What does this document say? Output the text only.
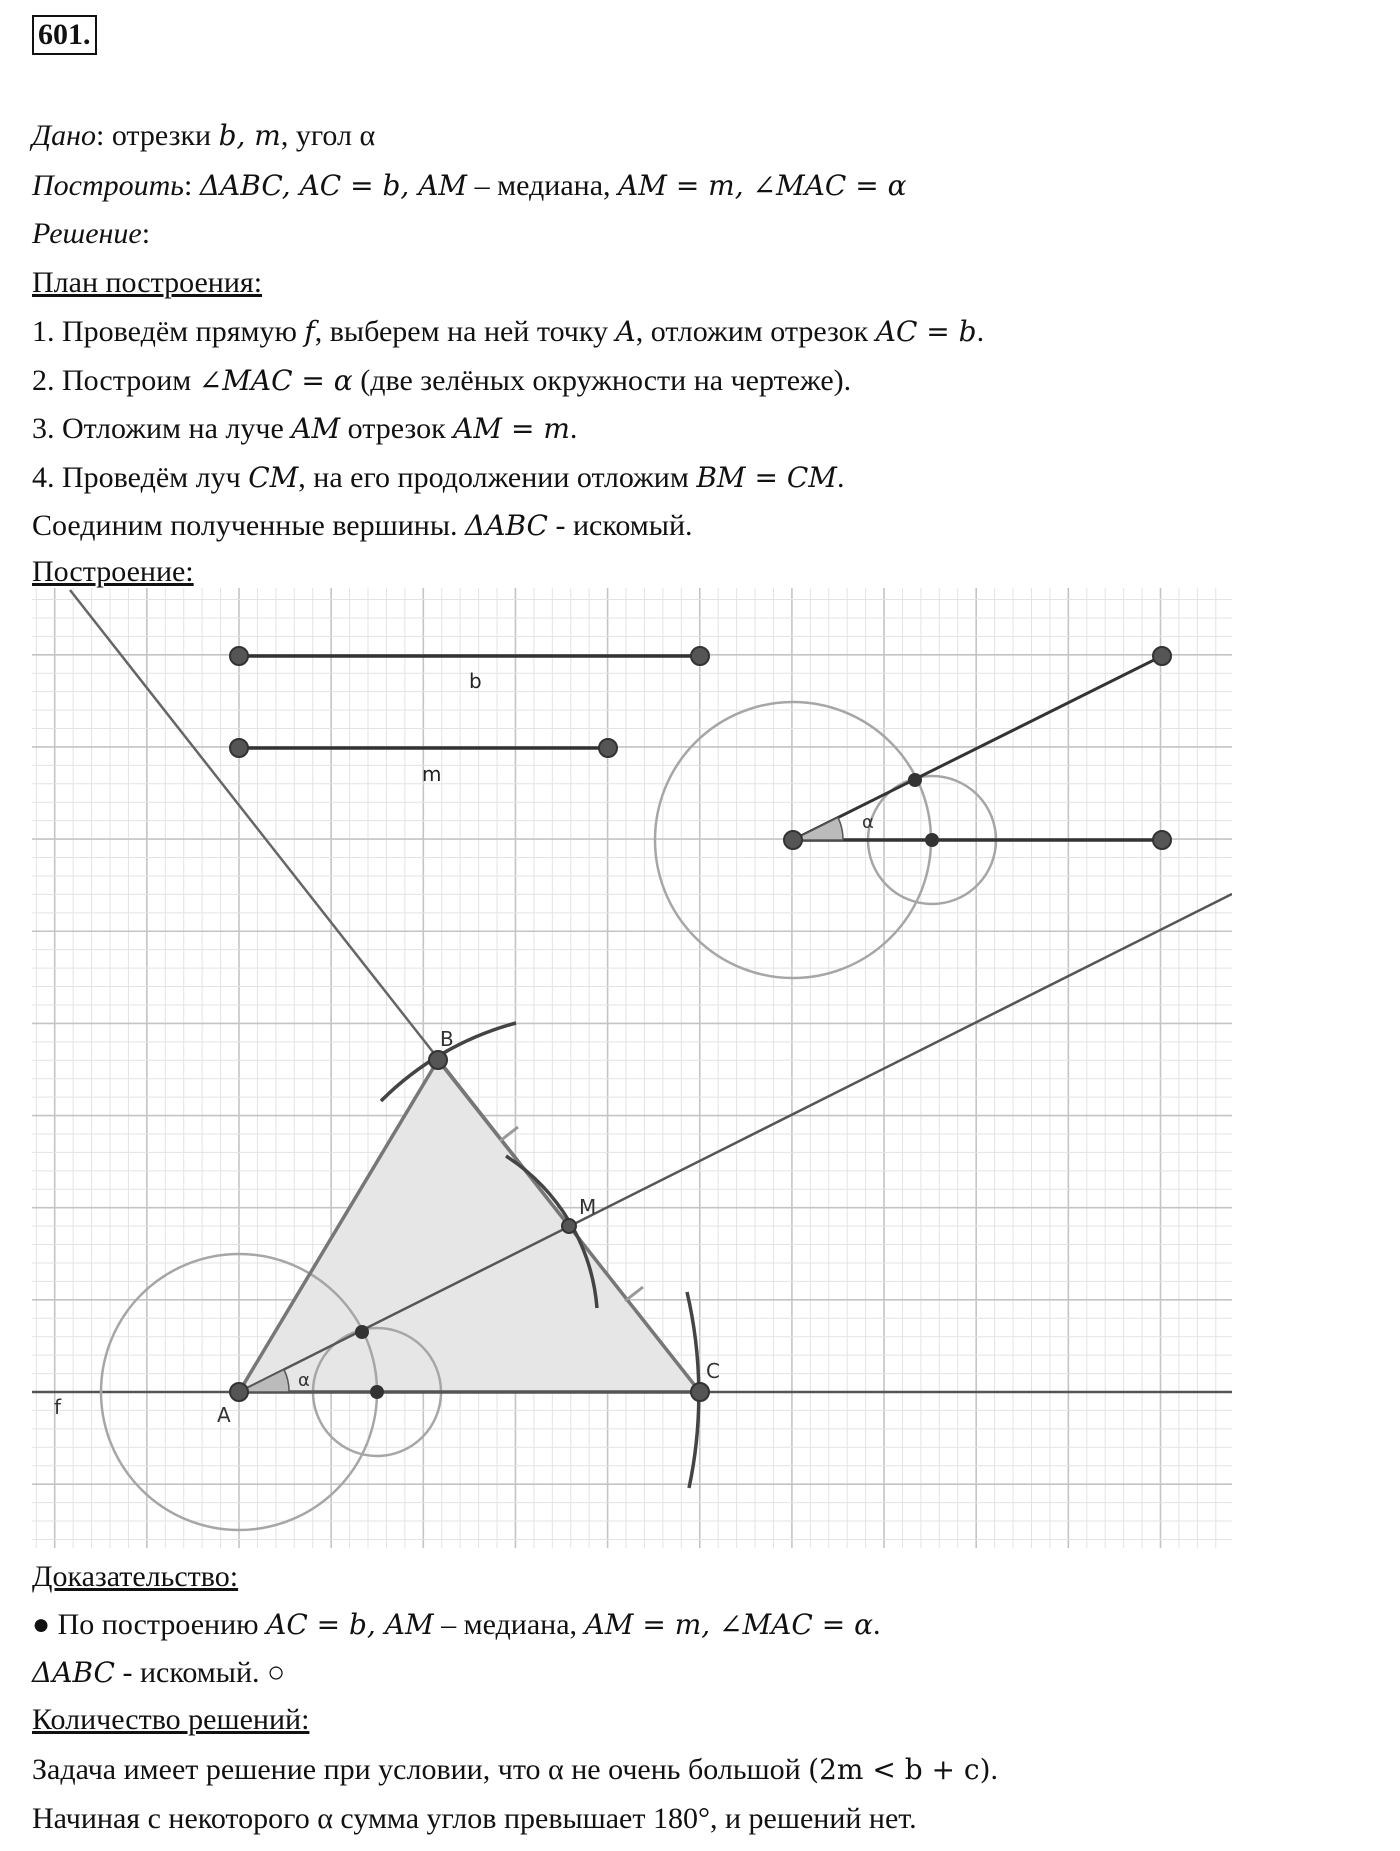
601.
Дано: отрезки b, m, угол α
Построить: ΔABC, AC = b, AM – медиана, AM = m, ∠MAC = α
Решение:
План построения:
1. Проведём прямую f, выберем на ней точку A, отложим отрезок AC = b.
2. Построим ∠MAC = α (две зелёных окружности на чертеже).
3. Отложим на луче AM отрезок AM = m.
4. Проведём луч CM, на его продолжении отложим BM = CM.
Соединим полученные вершины. ΔABC - искомый.
Построение:
b
m
α
f
α
A
B
C
M
Доказательство:
● По построению AC = b, AM – медиана, AM = m, ∠MAC = α.
ΔABC - искомый. ○
Количество решений:
Задача имеет решение при условии, что α не очень большой (2m < b + c).
Начиная с некоторого α сумма углов превышает 180°, и решений нет.
